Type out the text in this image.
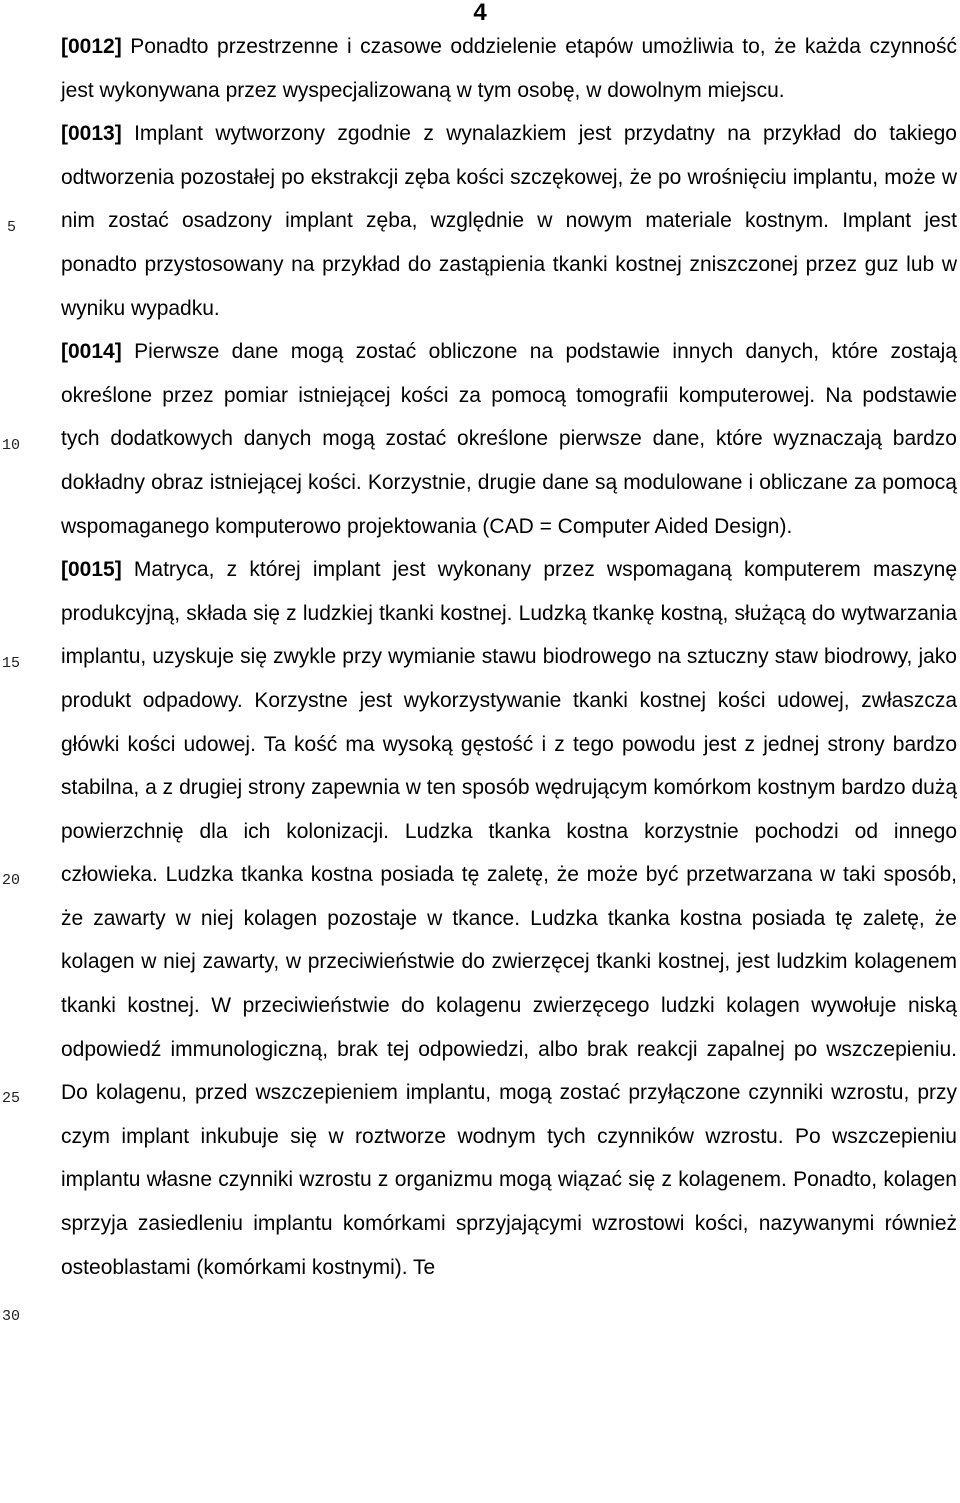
4
5
10
15
20
25
30

[0012] Ponadto przestrzenne i czasowe oddzielenie etapów umożliwia to, że każda czynność jest wykonywana przez wyspecjalizowaną w tym osobę, w dowolnym miejscu.

[0013] Implant wytworzony zgodnie z wynalazkiem jest przydatny na przykład do takiego odtworzenia pozostałej po ekstrakcji zęba kości szczękowej, że po wrośnięciu implantu, może w nim zostać osadzony implant zęba, względnie w nowym materiale kostnym. Implant jest ponadto przystosowany na przykład do zastąpienia tkanki kostnej zniszczonej przez guz lub w wyniku wypadku.

[0014] Pierwsze dane mogą zostać obliczone na podstawie innych danych, które zostają określone przez pomiar istniejącej kości za pomocą tomografii komputerowej. Na podstawie tych dodatkowych danych mogą zostać określone pierwsze dane, które wyznaczają bardzo dokładny obraz istniejącej kości. Korzystnie, drugie dane są modulowane i obliczane za pomocą wspomaganego komputerowo projektowania (CAD = Computer Aided Design).

[0015] Matryca, z której implant jest wykonany przez wspomaganą komputerem maszynę produkcyjną, składa się z ludzkiej tkanki kostnej. Ludzką tkankę kostną, służącą do wytwarzania implantu, uzyskuje się zwykle przy wymianie stawu biodrowego na sztuczny staw biodrowy, jako produkt odpadowy. Korzystne jest wykorzystywanie tkanki kostnej kości udowej, zwłaszcza główki kości udowej. Ta kość ma wysoką gęstość i z tego powodu jest z jednej strony bardzo stabilna, a z drugiej strony zapewnia w ten sposób wędrującym komórkom kostnym bardzo dużą powierzchnię dla ich kolonizacji. Ludzka tkanka kostna korzystnie pochodzi od innego człowieka. Ludzka tkanka kostna posiada tę zaletę, że może być przetwarzana w taki sposób, że zawarty w niej kolagen pozostaje w tkance. Ludzka tkanka kostna posiada tę zaletę, że kolagen w niej zawarty, w przeciwieństwie do zwierzęcej tkanki kostnej, jest ludzkim kolagenem tkanki kostnej. W przeciwieństwie do kolagenu zwierzęcego ludzki kolagen wywołuje niską odpowiedź immunologiczną, brak tej odpowiedzi, albo brak reakcji zapalnej po wszczepieniu. Do kolagenu, przed wszczepieniem implantu, mogą zostać przyłączone czynniki wzrostu, przy czym implant inkubuje się w roztworze wodnym tych czynników wzrostu. Po wszczepieniu implantu własne czynniki wzrostu z organizmu mogą wiązać się z kolagenem. Ponadto, kolagen sprzyja zasiedleniu implantu komórkami sprzyjającymi wzrostowi kości, nazywanymi również osteoblastami (komórkami kostnymi). Te
